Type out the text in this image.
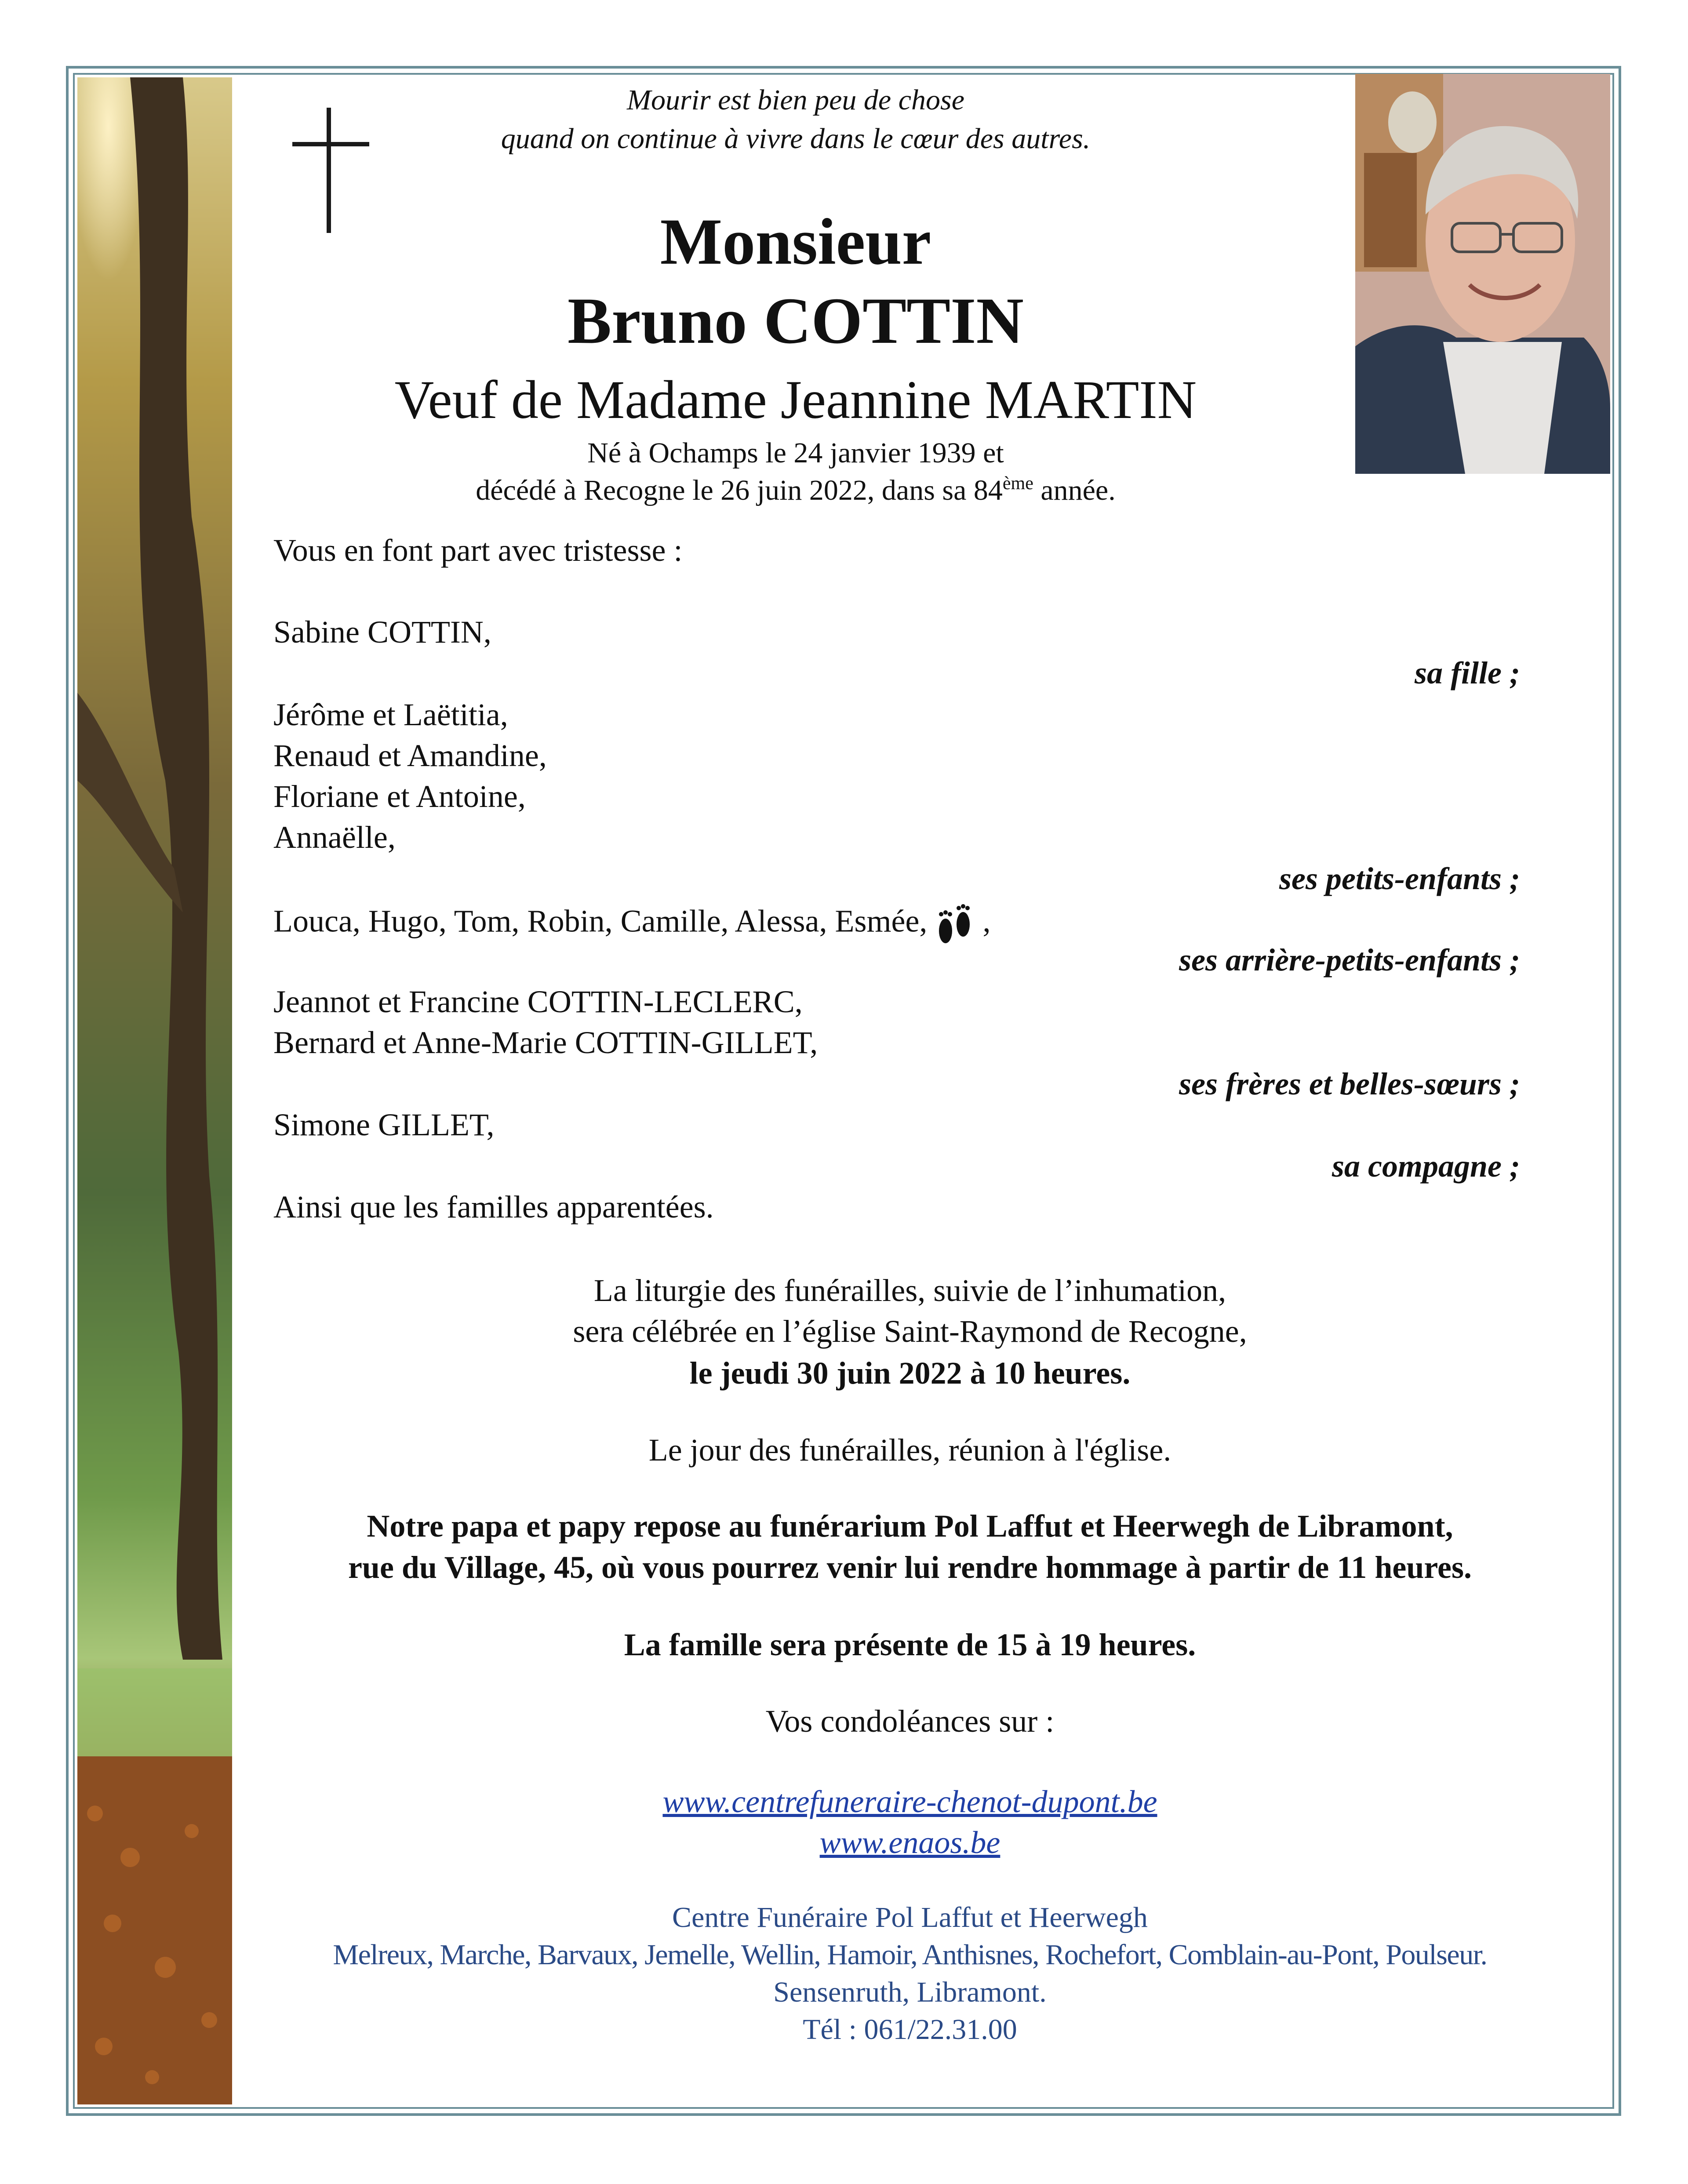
Mourir est bien peu de chose
quand on continue à vivre dans le cœur des autres.
Monsieur
Bruno COTTIN
Veuf de Madame Jeannine MARTIN
Né à Ochamps le 24 janvier 1939 et
décédé à Recogne le 26 juin 2022, dans sa 84ème année.
Vous en font part avec tristesse :
Sabine COTTIN,
sa fille ;
Jérôme et Laëtitia,
Renaud et Amandine,
Floriane et Antoine,
Annaëlle,
ses petits-enfants ;
Louca, Hugo, Tom, Robin, Camille, Alessa, Esmée, ,
ses arrière-petits-enfants ;
Jeannot et Francine COTTIN-LECLERC,
Bernard et Anne-Marie COTTIN-GILLET,
ses frères et belles-sœurs ;
Simone GILLET,
sa compagne ;
Ainsi que les familles apparentées.
La liturgie des funérailles, suivie de l’inhumation,
sera célébrée en l’église Saint-Raymond de Recogne,
le jeudi 30 juin 2022 à 10 heures.
Le jour des funérailles, réunion à l'église.
Notre papa et papy repose au funérarium Pol Laffut et Heerwegh de Libramont,
rue du Village, 45, où vous pourrez venir lui rendre hommage à partir de 11 heures.
La famille sera présente de 15 à 19 heures.
Vos condoléances sur :
www.centrefuneraire-chenot-dupont.be
www.enaos.be
Centre Funéraire Pol Laffut et Heerwegh
Melreux, Marche, Barvaux, Jemelle, Wellin, Hamoir, Anthisnes, Rochefort, Comblain-au-Pont, Poulseur.
Sensenruth, Libramont.
Tél : 061/22.31.00
